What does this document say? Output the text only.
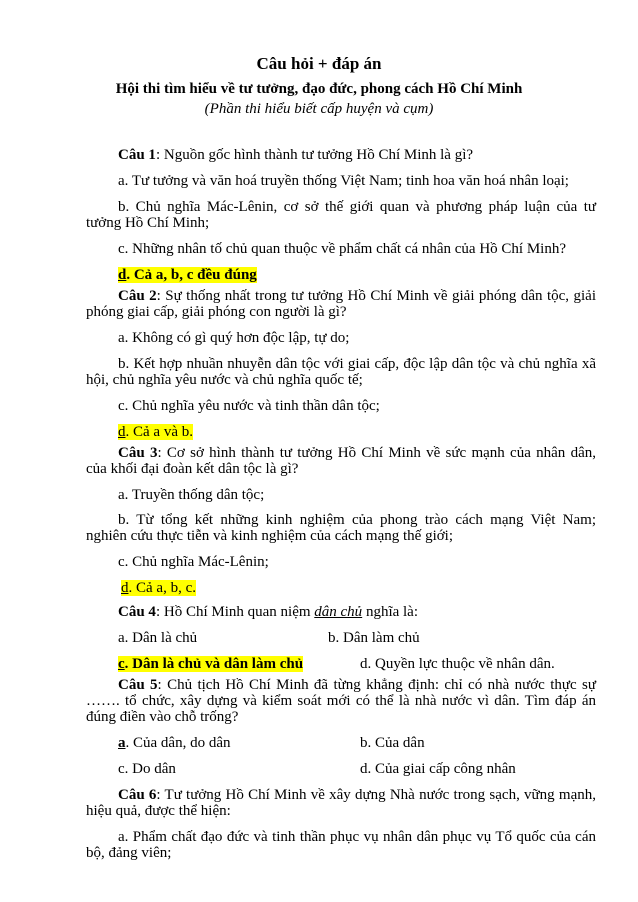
Câu hỏi + đáp án
Hội thi tìm hiểu về tư tưởng, đạo đức, phong cách Hồ Chí Minh
(Phần thi hiểu biết cấp huyện và cụm)
Câu 1: Nguồn gốc hình thành tư tưởng Hồ Chí Minh là gì?
a. Tư tưởng và văn hoá truyền thống Việt Nam; tinh hoa văn hoá nhân loại;
b. Chủ nghĩa Mác-Lênin, cơ sở thế giới quan và phương pháp luận của tư
tưởng Hồ Chí Minh;
c. Những nhân tố chủ quan thuộc về phẩm chất cá nhân của Hồ Chí Minh?
d. Cả a, b, c đều đúng
Câu 2: Sự thống nhất trong tư tưởng Hồ Chí Minh về giải phóng dân tộc, giải
phóng giai cấp, giải phóng con người là gì?
a. Không có gì quý hơn độc lập, tự do;
b. Kết hợp nhuần nhuyễn dân tộc với giai cấp, độc lập dân tộc và chủ nghĩa xã
hội, chủ nghĩa yêu nước và chủ nghĩa quốc tế;
c. Chủ nghĩa yêu nước và tinh thần dân tộc;
d. Cả a và b.
Câu 3: Cơ sở hình thành tư tưởng Hồ Chí Minh về sức mạnh của nhân dân,
của khối đại đoàn kết dân tộc là gì?
a. Truyền thống dân tộc;
b. Từ tổng kết những kinh nghiệm của phong trào cách mạng Việt Nam;
nghiên cứu thực tiễn và kinh nghiệm của cách mạng thế giới;
c. Chủ nghĩa Mác-Lênin;
d. Cả a, b, c.
Câu 4: Hồ Chí Minh quan niệm dân chủ nghĩa là:
a. Dân là chủ	b. Dân làm chủ
c. Dân là chủ và dân làm chủ	d. Quyền lực thuộc về nhân dân.
Câu 5: Chủ tịch Hồ Chí Minh đã từng khẳng định: chỉ có nhà nước thực sự
……. tổ chức, xây dựng và kiểm soát mới có thể là nhà nước vì dân. Tìm đáp án
đúng điền vào chỗ trống?
a. Của dân, do dân	b. Của dân
c. Do dân	d. Của giai cấp công nhân
Câu 6: Tư tưởng Hồ Chí Minh về xây dựng Nhà nước trong sạch, vững mạnh,
hiệu quả, được thể hiện:
a. Phẩm chất đạo đức và tinh thần phục vụ nhân dân phục vụ Tổ quốc của cán
bộ, đảng viên;
